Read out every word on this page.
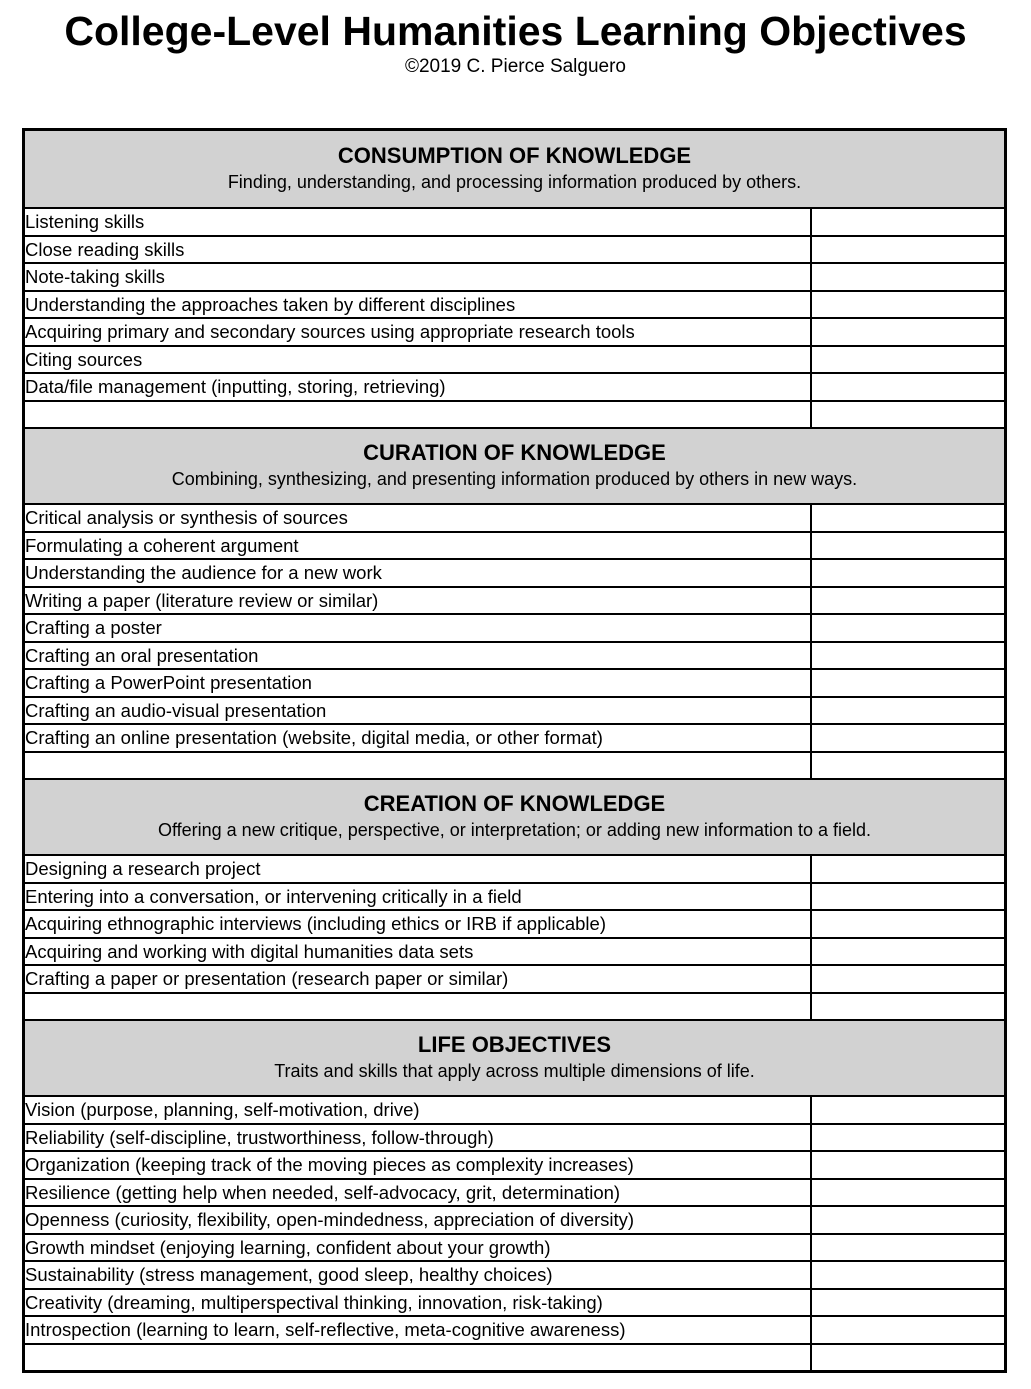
College-Level Humanities Learning Objectives
©2019 C. Pierce Salguero
CONSUMPTION OF KNOWLEDGE
Finding, understanding, and processing information produced by others.
Listening skills
Close reading skills
Note-taking skills
Understanding the approaches taken by different disciplines
Acquiring primary and secondary sources using appropriate research tools
Citing sources
Data/file management (inputting, storing, retrieving)
CURATION OF KNOWLEDGE
Combining, synthesizing, and presenting information produced by others in new ways.
Critical analysis or synthesis of sources
Formulating a coherent argument
Understanding the audience for a new work
Writing a paper (literature review or similar)
Crafting a poster
Crafting an oral presentation
Crafting a PowerPoint presentation
Crafting an audio-visual presentation
Crafting an online presentation (website, digital media, or other format)
CREATION OF KNOWLEDGE
Offering a new critique, perspective, or interpretation; or adding new information to a field.
Designing a research project
Entering into a conversation, or intervening critically in a field
Acquiring ethnographic interviews (including ethics or IRB if applicable)
Acquiring and working with digital humanities data sets
Crafting a paper or presentation (research paper or similar)
LIFE OBJECTIVES
Traits and skills that apply across multiple dimensions of life.
Vision (purpose, planning, self-motivation, drive)
Reliability (self-discipline, trustworthiness, follow-through)
Organization (keeping track of the moving pieces as complexity increases)
Resilience (getting help when needed, self-advocacy, grit, determination)
Openness (curiosity, flexibility, open-mindedness, appreciation of diversity)
Growth mindset (enjoying learning, confident about your growth)
Sustainability (stress management, good sleep, healthy choices)
Creativity (dreaming, multiperspectival thinking, innovation, risk-taking)
Introspection (learning to learn, self-reflective, meta-cognitive awareness)
